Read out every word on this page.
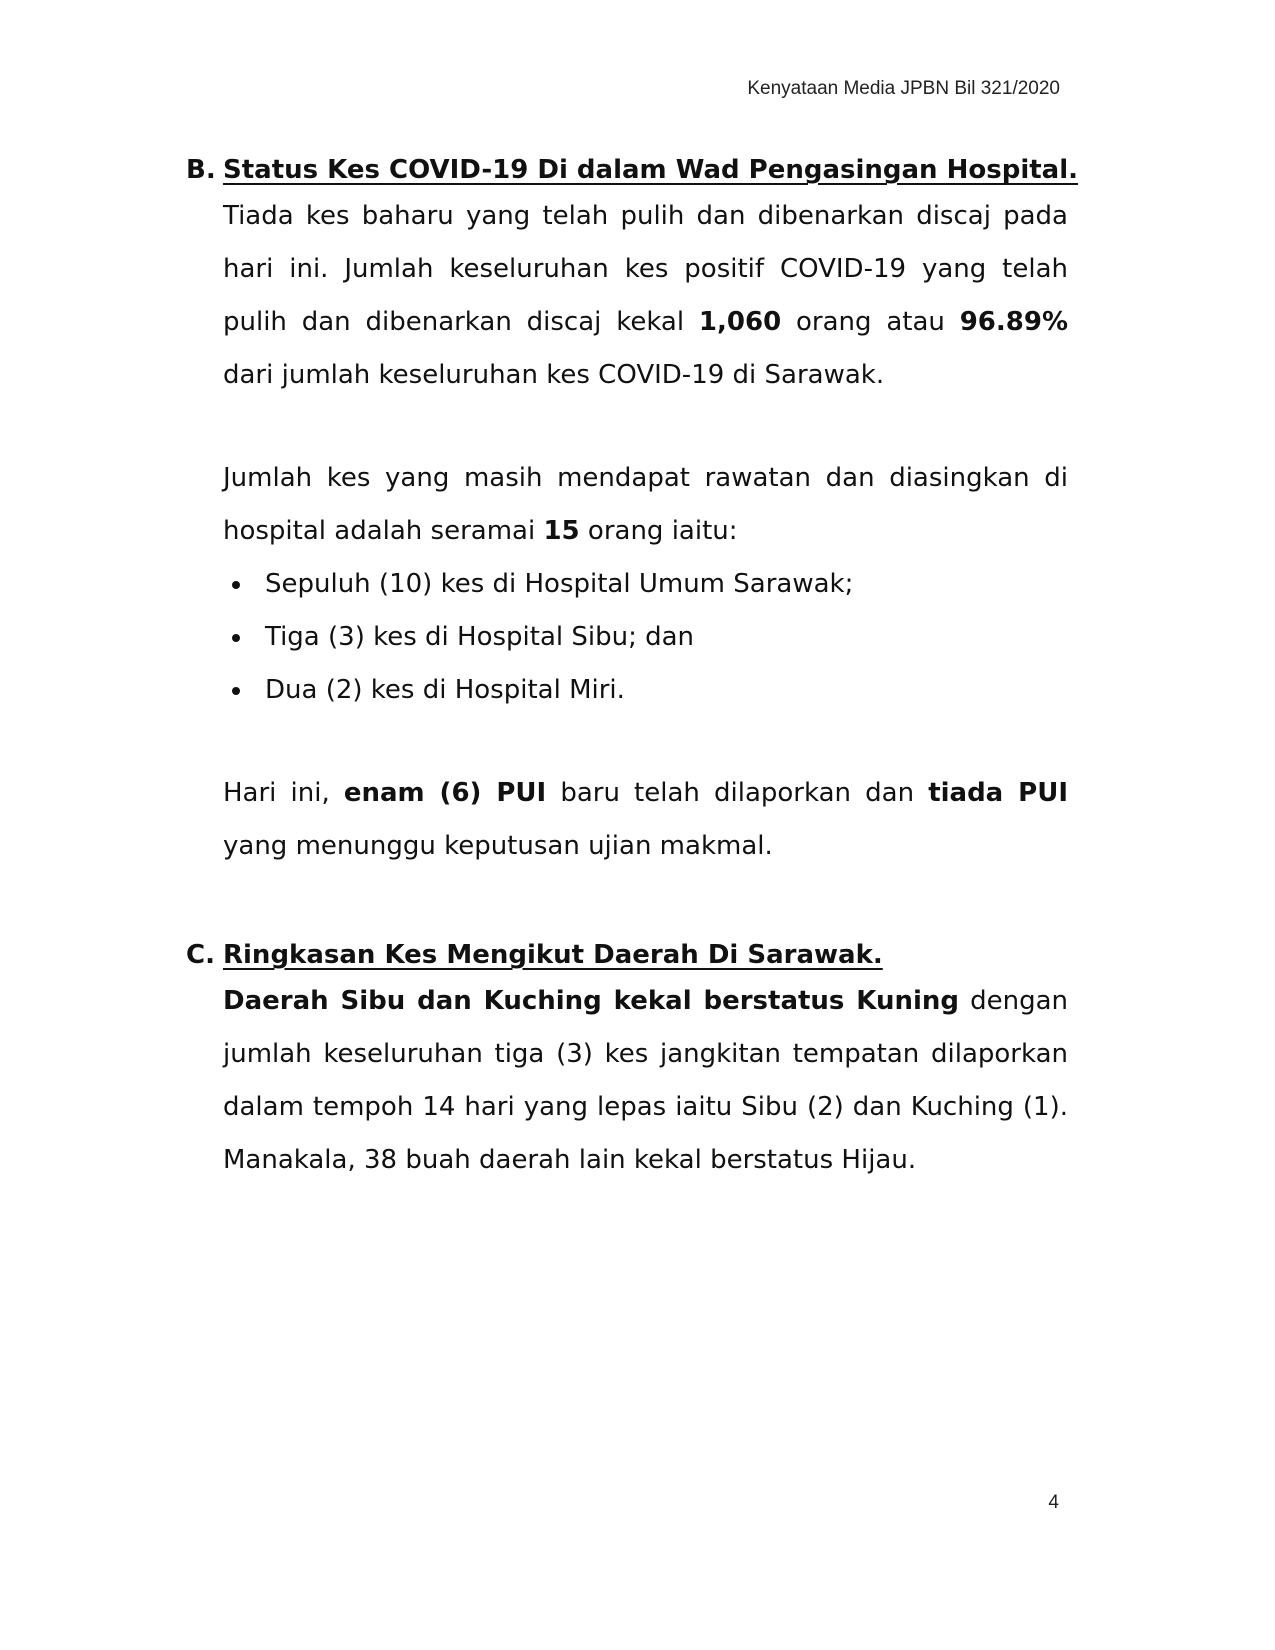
Kenyataan Media JPBN Bil 321/2020
B. Status Kes COVID-19 Di dalam Wad Pengasingan Hospital.
Tiada kes baharu yang telah pulih dan dibenarkan discaj pada hari ini. Jumlah keseluruhan kes positif COVID-19 yang telah pulih dan dibenarkan discaj kekal 1,060 orang atau 96.89% dari jumlah keseluruhan kes COVID-19 di Sarawak.
Jumlah kes yang masih mendapat rawatan dan diasingkan di hospital adalah seramai 15 orang iaitu:
Sepuluh (10) kes di Hospital Umum Sarawak;
Tiga (3) kes di Hospital Sibu; dan
Dua (2) kes di Hospital Miri.
Hari ini, enam (6) PUI baru telah dilaporkan dan tiada PUI yang menunggu keputusan ujian makmal.
C. Ringkasan Kes Mengikut Daerah Di Sarawak.
Daerah Sibu dan Kuching kekal berstatus Kuning dengan jumlah keseluruhan tiga (3) kes jangkitan tempatan dilaporkan dalam tempoh 14 hari yang lepas iaitu Sibu (2) dan Kuching (1). Manakala, 38 buah daerah lain kekal berstatus Hijau.
4
